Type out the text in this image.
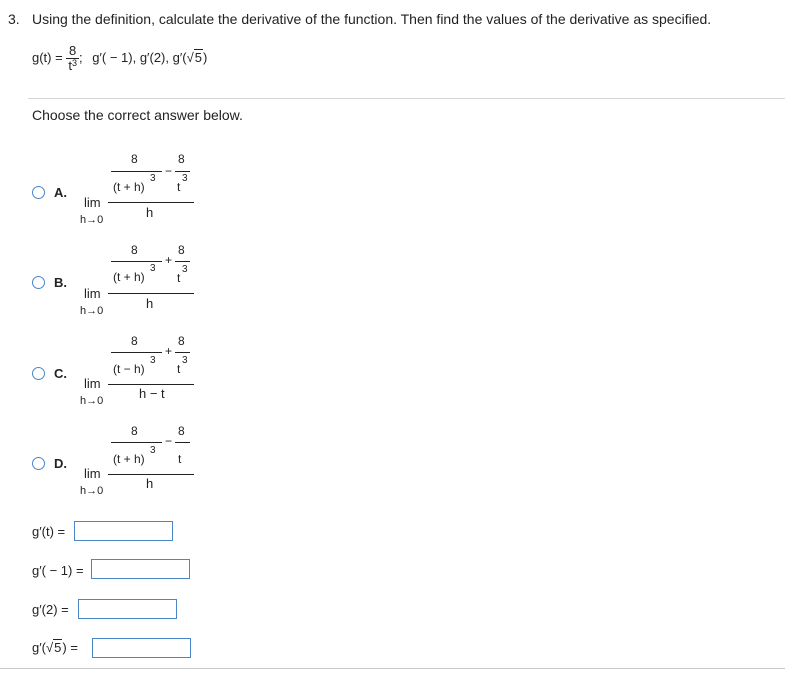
3. Using the definition, calculate the derivative of the function. Then find the values of the derivative as specified.
$g(t) = \frac{8}{t^3}$ ; g′( − 1), g′(2), g′(√5)
Choose the correct answer below.
A.
lim
h→0
8
(t + h)
3
−
8
t
3
h
B.
lim
h→0
8
(t + h)
3
+
8
t
3
h
C.
lim
h→0
8
(t − h)
3
+
8
t
3
h − t
D.
lim
h→0
8
(t + h)
3
−
8
t
h
g′(t) =
g′( − 1) =
g′(2) =
g′(√5) =
